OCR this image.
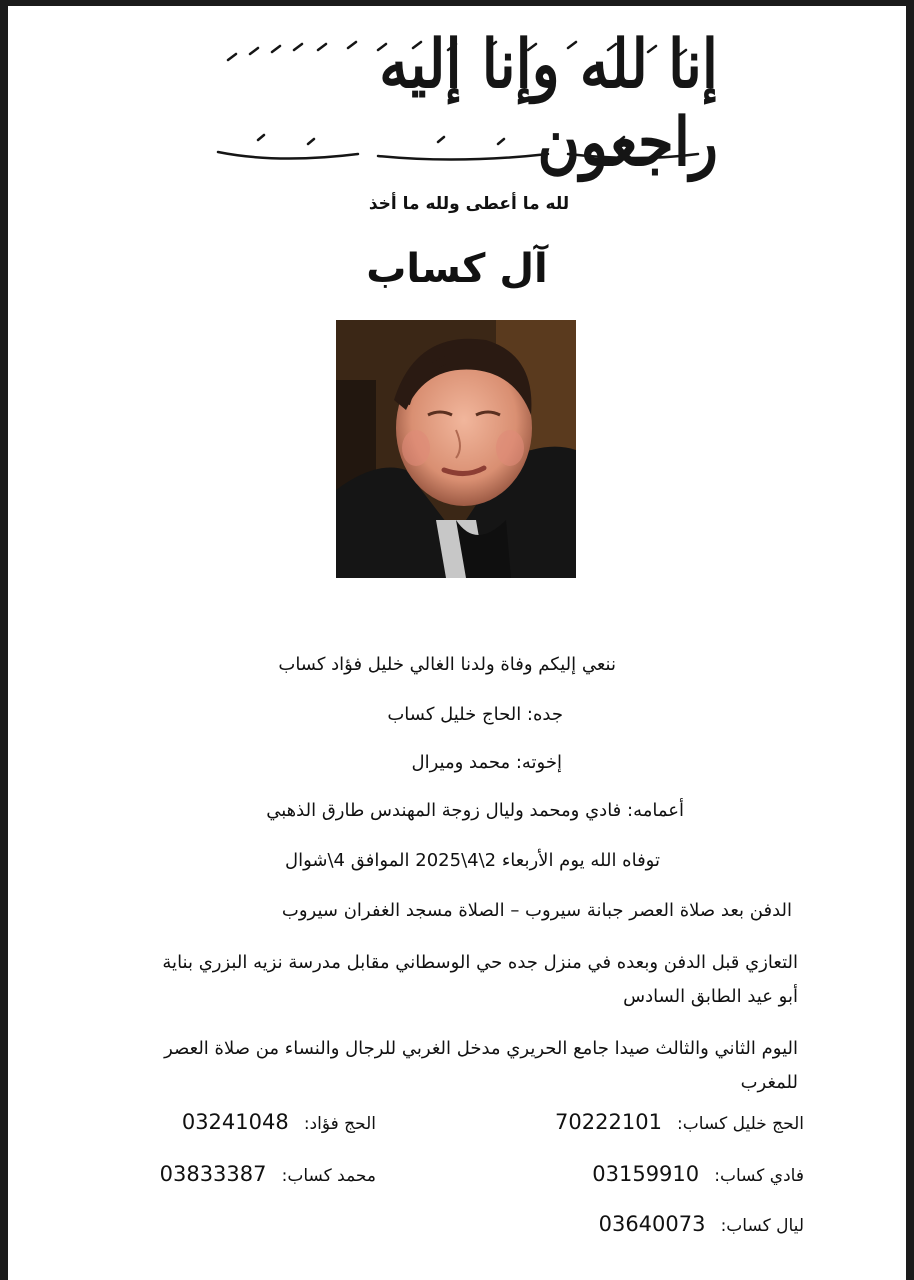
إنا لله وإنا إليه راجعون
لله ما أعطى ولله ما أخذ
آل كساب
ننعي إليكم وفاة ولدنا الغالي خليل فؤاد كساب
جده: الحاج خليل كساب
إخوته: محمد وميرال
أعمامه: فادي ومحمد وليال زوجة المهندس طارق الذهبي
توفاه الله يوم الأربعاء 2\4\2025 الموافق 4\شوال
الدفن بعد صلاة العصر جبانة سيروب – الصلاة مسجد الغفران سيروب
التعازي قبل الدفن وبعده في منزل جده حي الوسطاني مقابل مدرسة نزيه البزري بناية أبو عيد الطابق السادس
اليوم الثاني والثالث صيدا جامع الحريري مدخل الغربي للرجال والنساء من صلاة العصر للمغرب
الحج خليل كساب: 70222101
الحج فؤاد: 03241048
فادي كساب: 03159910
محمد كساب: 03833387
ليال كساب: 03640073
